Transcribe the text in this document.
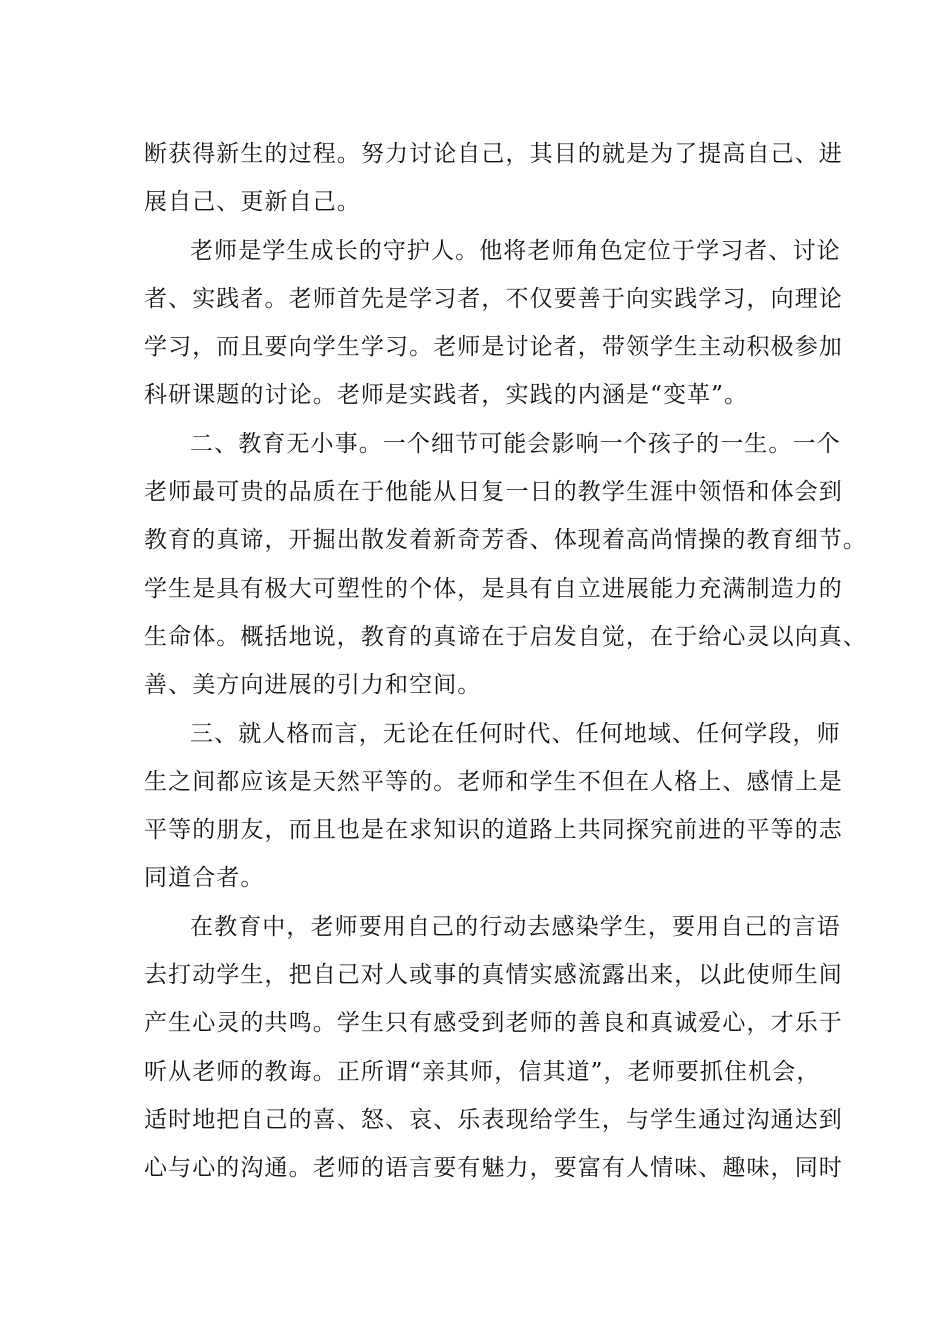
断获得新生的过程。努力讨论自己，其目的就是为了提高自己、进
展自己、更新自己。
老师是学生成长的守护人。他将老师角色定位于学习者、讨论
者、实践者。老师首先是学习者，不仅要善于向实践学习，向理论
学习，而且要向学生学习。老师是讨论者，带领学生主动积极参加
科研课题的讨论。老师是实践者，实践的内涵是“变革”。
二、教育无小事。一个细节可能会影响一个孩子的一生。一个
老师最可贵的品质在于他能从日复一日的教学生涯中领悟和体会到
教育的真谛，开掘出散发着新奇芳香、体现着高尚情操的教育细节。
学生是具有极大可塑性的个体，是具有自立进展能力充满制造力的
生命体。概括地说，教育的真谛在于启发自觉，在于给心灵以向真、
善、美方向进展的引力和空间。
三、就人格而言，无论在任何时代、任何地域、任何学段，师
生之间都应该是天然平等的。老师和学生不但在人格上、感情上是
平等的朋友，而且也是在求知识的道路上共同探究前进的平等的志
同道合者。
在教育中，老师要用自己的行动去感染学生，要用自己的言语
去打动学生，把自己对人或事的真情实感流露出来，以此使师生间
产生心灵的共鸣。学生只有感受到老师的善良和真诚爱心，才乐于
听从老师的教诲。正所谓“亲其师，信其道”，老师要抓住机会，
适时地把自己的喜、怒、哀、乐表现给学生，与学生通过沟通达到
心与心的沟通。老师的语言要有魅力，要富有人情味、趣味，同时
